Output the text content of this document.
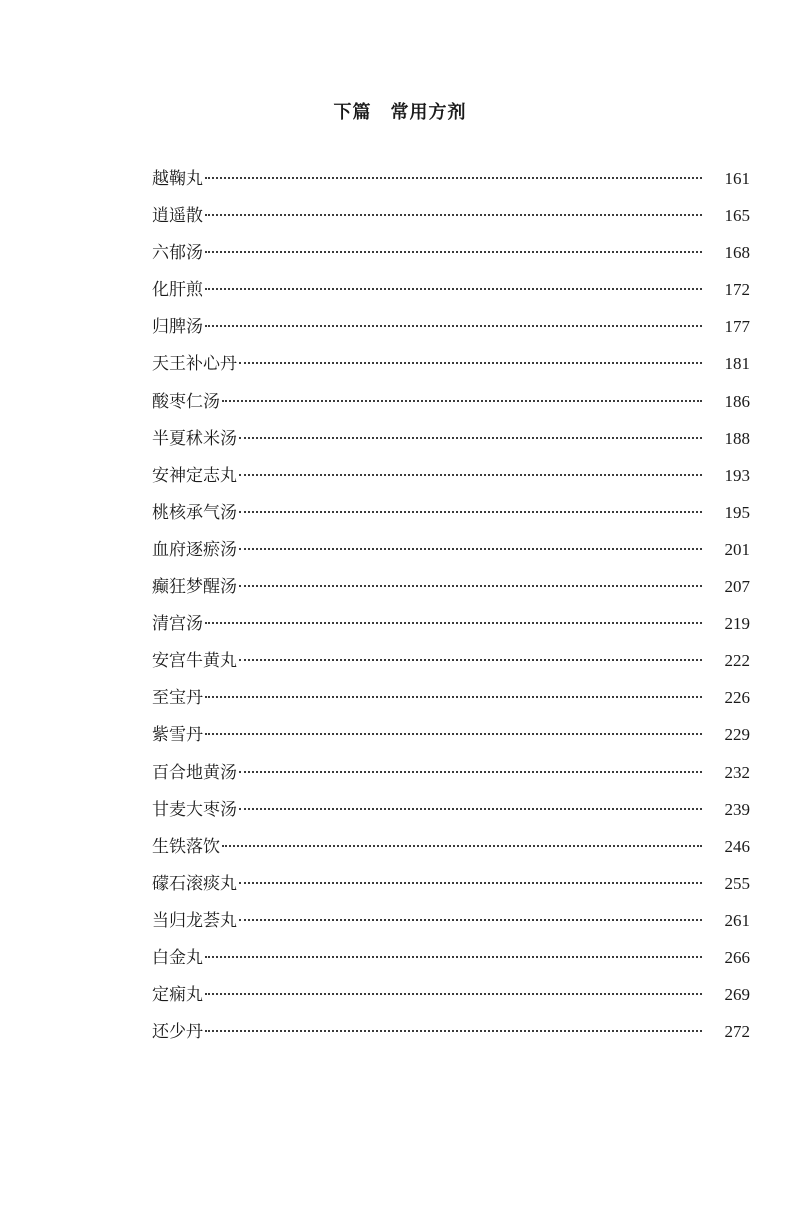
下篇　常用方剂
越鞠丸	161
逍遥散	165
六郁汤	168
化肝煎	172
归脾汤	177
天王补心丹	181
酸枣仁汤	186
半夏秫米汤	188
安神定志丸	193
桃核承气汤	195
血府逐瘀汤	201
癫狂梦醒汤	207
清宫汤	219
安宫牛黄丸	222
至宝丹	226
紫雪丹	229
百合地黄汤	232
甘麦大枣汤	239
生铁落饮	246
礞石滚痰丸	255
当归龙荟丸	261
白金丸	266
定痫丸	269
还少丹	272
